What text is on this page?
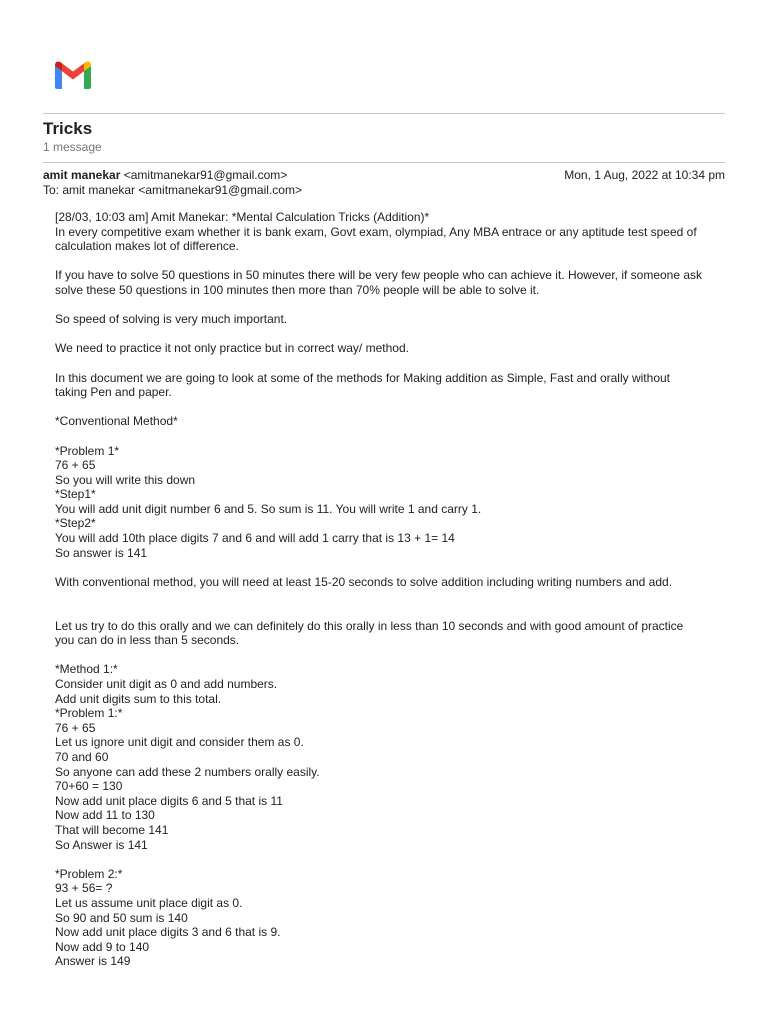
Tricks
1 message
amit manekar <amitmanekar91@gmail.com>
To: amit manekar <amitmanekar91@gmail.com>
Mon, 1 Aug, 2022 at 10:34 pm
[28/03, 10:03 am] Amit Manekar: *Mental Calculation Tricks (Addition)*
In every competitive exam whether it is bank exam, Govt exam, olympiad, Any MBA entrace or any aptitude test speed of
calculation makes lot of difference.
If you have to solve 50 questions in 50 minutes there will be very few people who can achieve it. However, if someone ask
solve these 50 questions in 100 minutes then more than 70% people will be able to solve it.
So speed of solving is very much important.
We need to practice it not only practice but in correct way/ method.
In this document we are going to look at some of the methods for Making addition as Simple, Fast and orally without
taking Pen and paper.
*Conventional Method*
*Problem 1*
76 + 65
So you will write this down
*Step1*
You will add unit digit number 6 and 5. So sum is 11. You will write 1 and carry 1.
*Step2*
You will add 10th place digits 7 and 6 and will add 1 carry that is 13 + 1= 14
So answer is 141
With conventional method, you will need at least 15-20 seconds to solve addition including writing numbers and add.
Let us try to do this orally and we can definitely do this orally in less than 10 seconds and with good amount of practice
you can do in less than 5 seconds.
*Method 1:*
Consider unit digit as 0 and add numbers.
Add unit digits sum to this total.
*Problem 1:*
76 + 65
Let us ignore unit digit and consider them as 0.
70 and 60
So anyone can add these 2 numbers orally easily.
70+60 = 130
Now add unit place digits 6 and 5 that is 11
Now add 11 to 130
That will become 141
So Answer is 141
*Problem 2:*
93 + 56= ?
Let us assume unit place digit as 0.
So 90 and 50 sum is 140
Now add unit place digits 3 and 6 that is 9.
Now add 9 to 140
Answer is 149
